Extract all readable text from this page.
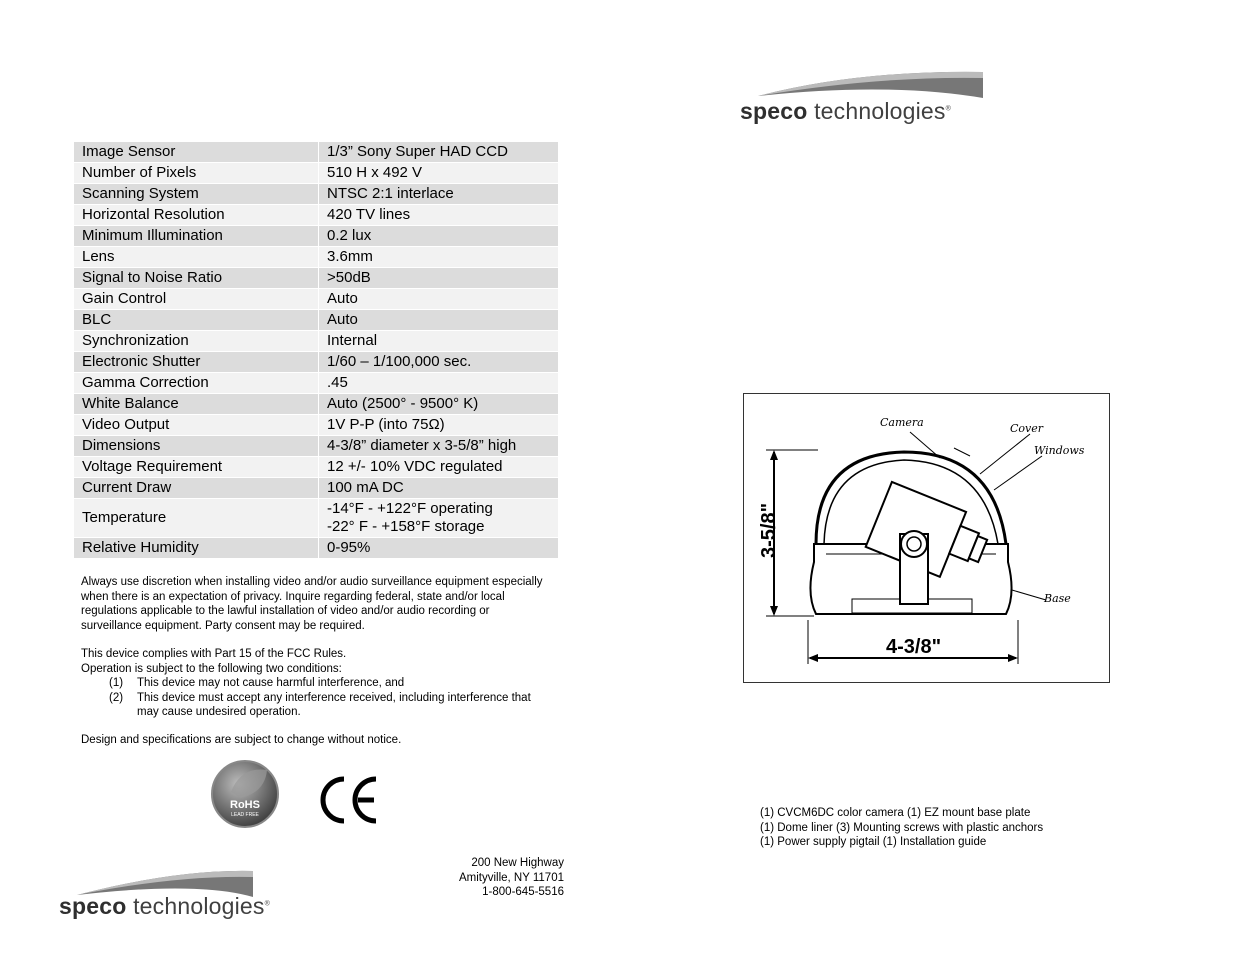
speco technologies®
Image Sensor	1/3” Sony Super HAD CCD
Number of Pixels	510 H x 492 V
Scanning System	NTSC 2:1 interlace
Horizontal Resolution	420 TV lines
Minimum Illumination	0.2 lux
Lens	3.6mm
Signal to Noise Ratio	>50dB
Gain Control	Auto
BLC	Auto
Synchronization	Internal
Electronic Shutter	1/60 – 1/100,000 sec.
Gamma Correction	.45
White Balance	Auto (2500° - 9500° K)
Video Output	1V P-P (into 75Ω)
Dimensions	4-3/8” diameter x 3-5/8” high
Voltage Requirement	12 +/- 10% VDC regulated
Current Draw	100 mA DC
Temperature	-14°F - +122°F operating
-22° F - +158°F storage

Relative Humidity	0-95%
Always use discretion when installing video and/or audio surveillance equipment especially when there is an expectation of privacy. Inquire regarding federal, state and/or local regulations applicable to the lawful installation of video and/or audio recording or surveillance equipment. Party consent may be required.
This device complies with Part 15 of the FCC Rules.
Operation is subject to the following two conditions:
(1)	This device may not cause harmful interference, and
(2)	This device must accept any interference received, including interference that may cause undesired operation.
Design and specifications are subject to change without notice.
RoHS
LEAD FREE
200 New Highway
Amityville, NY 11701
1-800-645-5516
speco technologies®
Camera	Cover
Windows
Base
3-5/8"
4-3/8"
(1) CVCM6DC color camera (1) EZ mount base plate
(1) Dome liner (3) Mounting screws with plastic anchors
(1) Power supply pigtail (1) Installation guide
